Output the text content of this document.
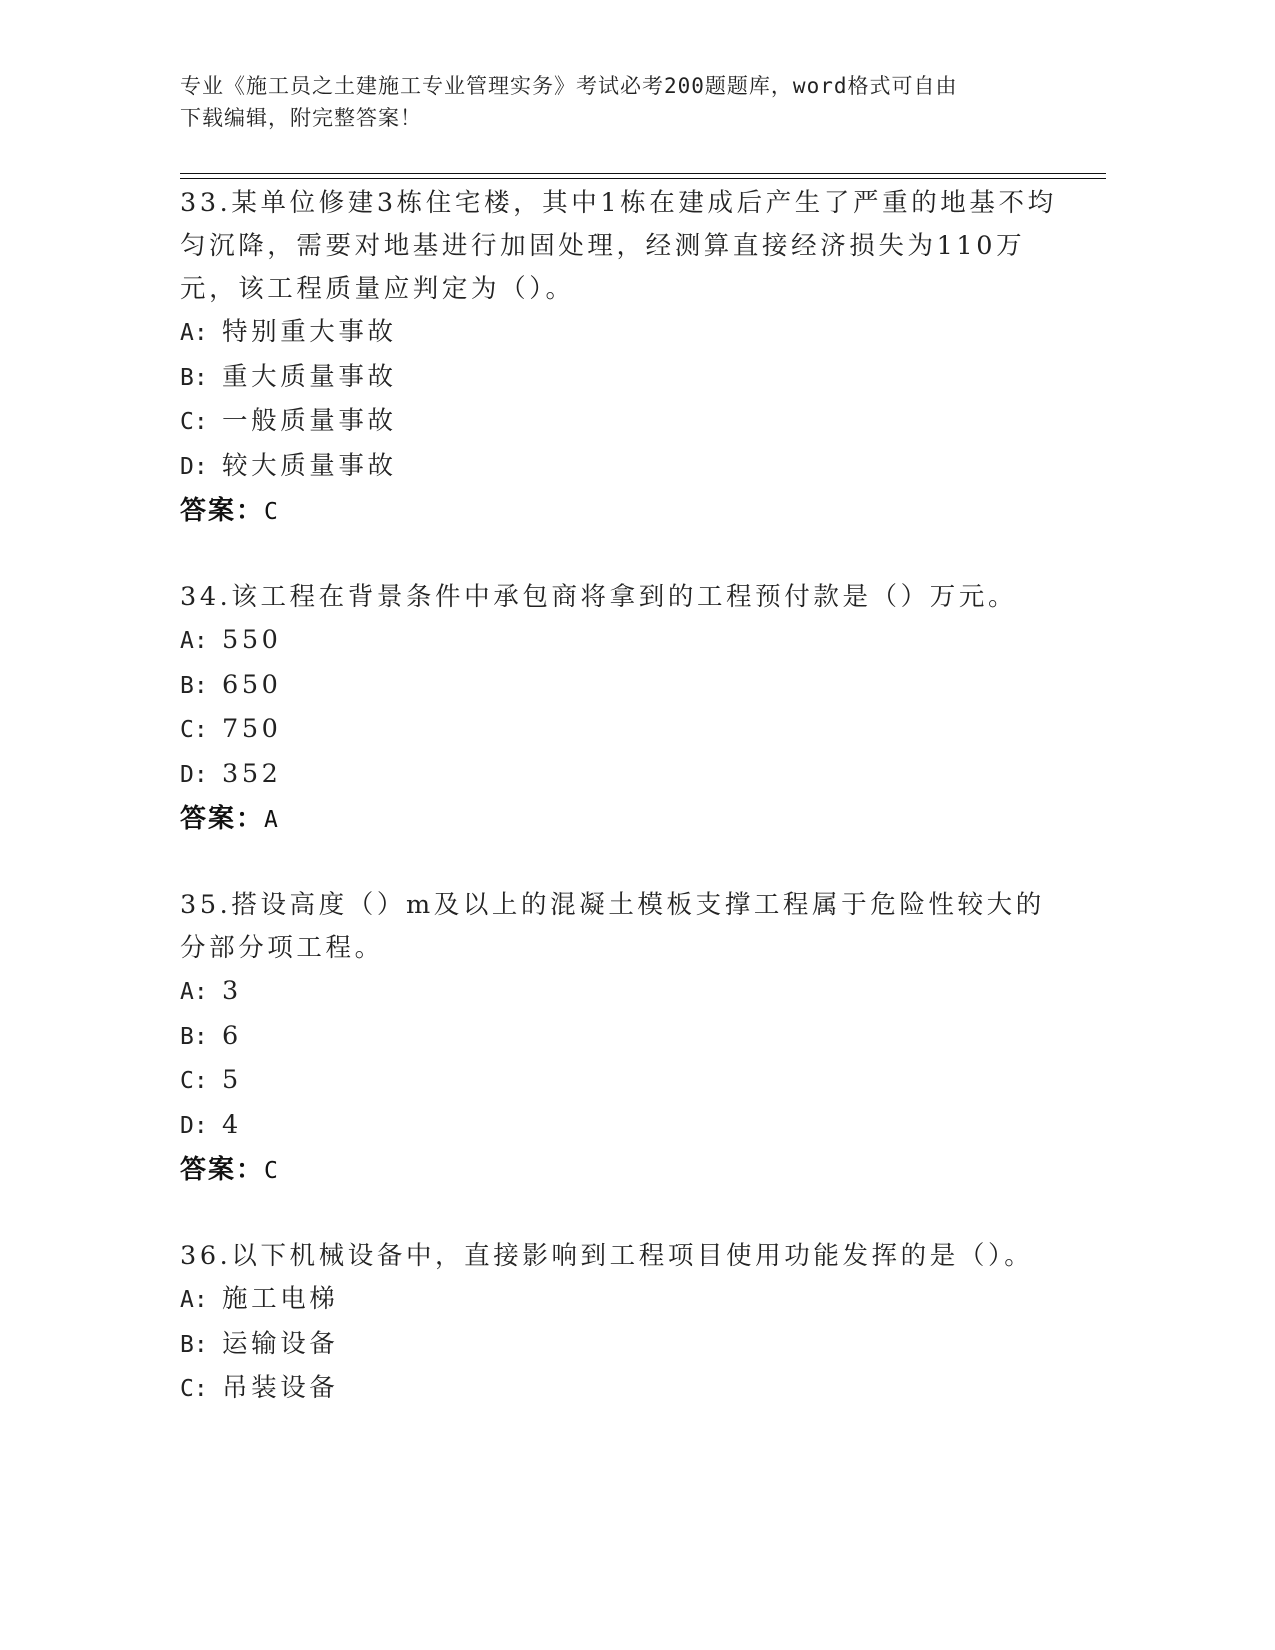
专业《施工员之土建施工专业管理实务》考试必考200题题库，word格式可自由
下载编辑，附完整答案！
33.某单位修建3栋住宅楼，其中1栋在建成后产生了严重的地基不均匀沉降，需要对地基进行加固处理，经测算直接经济损失为110万元，该工程质量应判定为（）。
A: 特别重大事故
B: 重大质量事故
C: 一般质量事故
D: 较大质量事故
答案：C
34.该工程在背景条件中承包商将拿到的工程预付款是（）万元。
A: 550
B: 650
C: 750
D: 352
答案：A
35.搭设高度（）m及以上的混凝土模板支撑工程属于危险性较大的分部分项工程。
A: 3
B: 6
C: 5
D: 4
答案：C
36.以下机械设备中，直接影响到工程项目使用功能发挥的是（）。
A: 施工电梯
B: 运输设备
C: 吊装设备
